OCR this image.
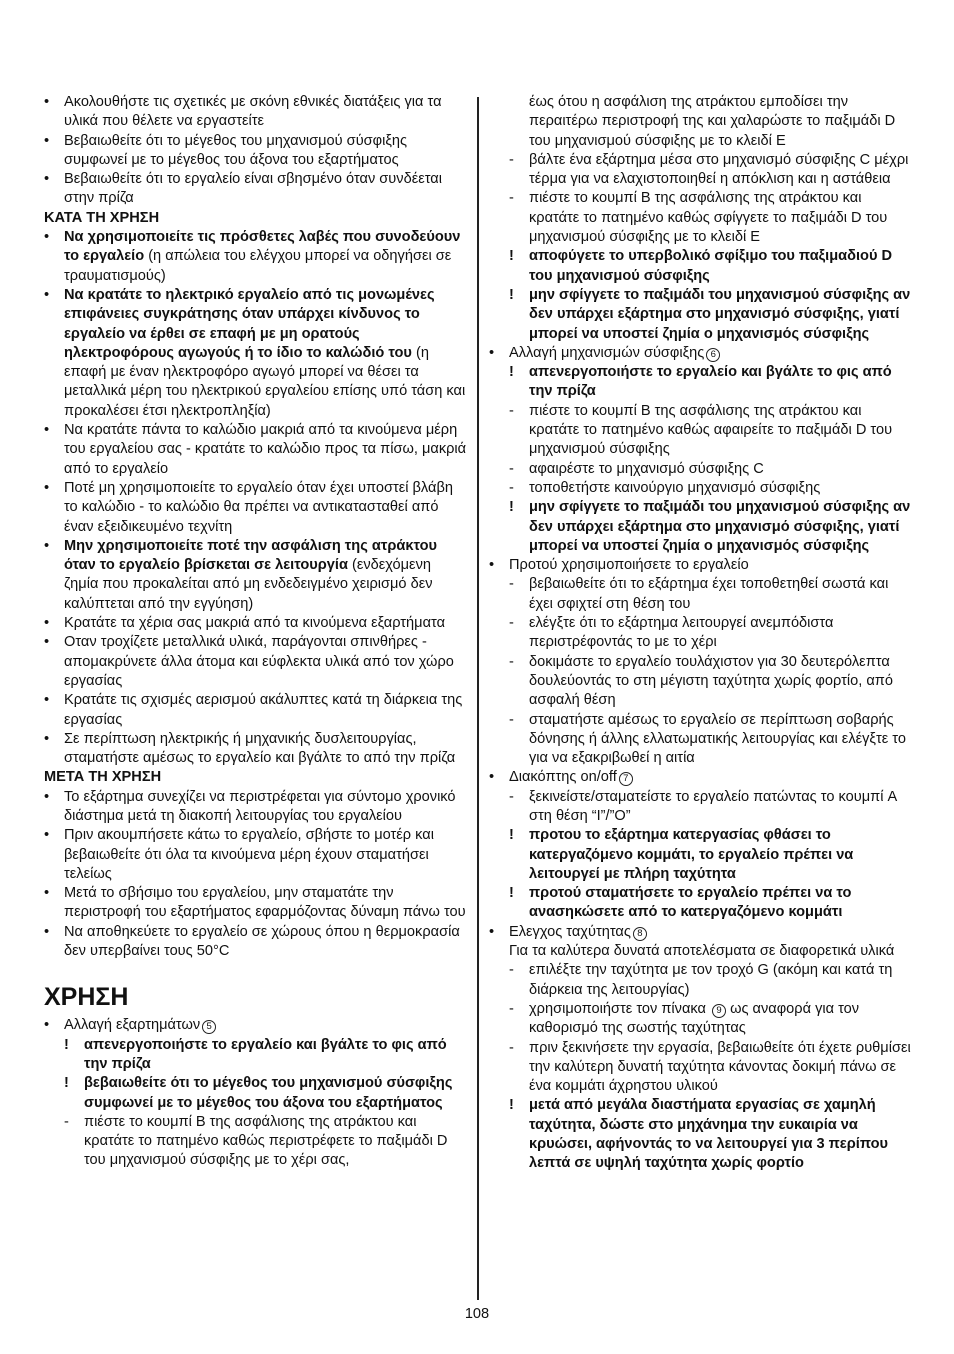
•	Ακολουθήστε τις σχετικές με σκόνη εθνικές διατάξεις για τα υλικά που θέλετε να εργαστείτε
•	Βεβαιωθείτε ότι το μέγεθος του μηχανισμού σύσφιξης συμφωνεί με το μέγεθος του άξονα του εξαρτήματος
•	Βεβαιωθείτε ότι το εργαλείο είναι σβησμένο όταν συνδέεται στην πρίζα
ΚΑΤΑ ΤΗ ΧΡΗΣΗ
•	Να χρησιμοποιείτε τις πρόσθετες λαβές που συνοδεύουν το εργαλείο (η απώλεια του ελέγχου μπορεί να οδηγήσει σε τραυματισμούς)
•	Να κρατάτε το ηλεκτρικό εργαλείο από τις μονωμένες επιφάνειες συγκράτησης όταν υπάρχει κίνδυνος το εργαλείο να έρθει σε επαφή με μη ορατούς ηλεκτροφόρους αγωγούς ή το ίδιο το καλώδιό του (η επαφή με έναν ηλεκτροφόρο αγωγό μπορεί να θέσει τα μεταλλικά μέρη του ηλεκτρικού εργαλείου επίσης υπό τάση και προκαλέσει έτσι ηλεκτροπληξία)
•	Να κρατάτε πάντα το καλώδιο μακριά από τα κινούμενα μέρη του εργαλείου σας - κρατάτε το καλώδιο προς τα πίσω, μακριά από το εργαλείο
•	Ποτέ μη χρησιμοποιείτε το εργαλείο όταν έχει υποστεί βλάβη το καλώδιο - το καλώδιο θα πρέπει να αντικατασταθεί από έναν εξειδικευμένο τεχνίτη
•	Μην χρησιμοποιείτε ποτέ την ασφάλιση της ατράκτου όταν το εργαλείο βρίσκεται σε λειτουργία (ενδεχόμενη ζημία που προκαλείται από μη ενδεδειγμένο χειρισμό δεν καλύπτεται από την εγγύηση)
•	Κρατάτε τα χέρια σας μακριά από τα κινούμενα εξαρτήματα
•	Οταν τροχίζετε μεταλλικά υλικά, παράγονται σπινθήρες - απομακρύνετε άλλα άτομα και εύφλεκτα υλικά από τον χώρο εργασίας
•	Κρατάτε τις σχισμές αερισμού ακάλυπτες κατά τη διάρκεια της εργασίας
•	Σε περίπτωση ηλεκτρικής ή μηχανικής δυσλειτουργίας, σταματήστε αμέσως το εργαλείο και βγάλτε το από την πρίζα
ΜΕΤΑ ΤΗ ΧΡΗΣΗ
•	Το εξάρτημα συνεχίζει να περιστρέφεται για σύντομο χρονικό διάστημα μετά τη διακοπή λειτουργίας του εργαλείου
•	Πριν ακουμπήσετε κάτω το εργαλείο, σβήστε το μοτέρ και βεβαιωθείτε ότι όλα τα κινούμενα μέρη έχουν σταματήσει τελείως
•	Μετά το σβήσιμο του εργαλείου, μην σταματάτε την περιστροφή του εξαρτήματος εφαρμόζοντας δύναμη πάνω του
•	Να αποθηκεύετε το εργαλείο σε χώρους όπου η θερμοκρασία δεν υπερβαίνει τους 50°C
ΧΡΗΣΗ
•	Αλλαγή εξαρτημάτων 5
!	απενεργοποιήστε το εργαλείο και βγάλτε το φις από την πρίζα
!	βεβαιωθείτε ότι το μέγεθος του μηχανισμού σύσφιξης συμφωνεί με το μέγεθος του άξονα του εξαρτήματος
-	πιέστε το κουμπί B της ασφάλισης της ατράκτου και κρατάτε το πατημένο καθώς περιστρέφετε το παξιμάδι D του μηχανισμού σύσφιξης με το χέρι σας,
έως ότου η ασφάλιση της ατράκτου εμποδίσει την περαιτέρω περιστροφή της και χαλαρώστε το παξιμάδι D του μηχανισμού σύσφιξης με το κλειδί E
-	βάλτε ένα εξάρτημα μέσα στο μηχανισμό σύσφιξης C μέχρι τέρμα για να ελαχιστοποιηθεί η απόκλιση και η αστάθεια
-	πιέστε το κουμπί B της ασφάλισης της ατράκτου και κρατάτε το πατημένο καθώς σφίγγετε το παξιμάδι D του μηχανισμού σύσφιξης με το κλειδί E
!	αποφύγετε το υπερβολικό σφίξιμο του παξιμαδιού D του μηχανισμού σύσφιξης
!	μην σφίγγετε το παξιμάδι του μηχανισμού σύσφιξης αν δεν υπάρχει εξάρτημα στο μηχανισμό σύσφιξης, γιατί μπορεί να υποστεί ζημία ο μηχανισμός σύσφιξης
•	Αλλαγή μηχανισμών σύσφιξης 6
!	απενεργοποιήστε το εργαλείο και βγάλτε το φις από την πρίζα
-	πιέστε το κουμπί B της ασφάλισης της ατράκτου και κρατάτε το πατημένο καθώς αφαιρείτε το παξιμάδι D του μηχανισμού σύσφιξης
-	αφαιρέστε το μηχανισμό σύσφιξης C
-	τοποθετήστε καινούργιο μηχανισμό σύσφιξης
!	μην σφίγγετε το παξιμάδι του μηχανισμού σύσφιξης αν δεν υπάρχει εξάρτημα στο μηχανισμό σύσφιξης, γιατί μπορεί να υποστεί ζημία ο μηχανισμός σύσφιξης
•	Προτού χρησιμοποιήσετε το εργαλείο
-	βεβαιωθείτε ότι το εξάρτημα έχει τοποθετηθεί σωστά και έχει σφιχτεί στη θέση του
-	ελέγξτε ότι το εξάρτημα λειτουργεί ανεμπόδιστα περιστρέφοντάς το με το χέρι
-	δοκιμάστε το εργαλείο τουλάχιστον για 30 δευτερόλεπτα δουλεύοντάς το στη μέγιστη ταχύτητα χωρίς φορτίο, από ασφαλή θέση
-	σταματήστε αμέσως το εργαλείο σε περίπτωση σοβαρής δόνησης ή άλλης ελλατωματικής λειτουργίας και ελέγξτε το για να εξακριβωθεί η αιτία
•	Διακόπτης on/off 7
-	ξεκινείστε/σταματείστε το εργαλείο πατώντας το κουμπί A στη θέση “I”/”O”
!	προτου το εξάρτημα κατεργασίας φθάσει το κατεργαζόμενο κομμάτι, το εργαλείο πρέπει να λειτουργεί με πλήρη ταχύτητα
!	προτού σταματήσετε το εργαλείο πρέπει να το ανασηκώσετε από το κατεργαζόμενο κομμάτι
•	Ελεγχος ταχύτητας 8
Για τα καλύτερα δυνατά αποτελέσματα σε διαφορετικά υλικά
-	επιλέξτε την ταχύτητα με τον τροχό G (ακόμη και κατά τη διάρκεια της λειτουργίας)
-	χρησιμοποιήστε τον πίνακα 9 ως αναφορά για τον καθορισμό της σωστής ταχύτητας
-	πριν ξεκινήσετε την εργασία, βεβαιωθείτε ότι έχετε ρυθμίσει την καλύτερη δυνατή ταχύτητα κάνοντας δοκιμή πάνω σε ένα κομμάτι άχρηστου υλικού
!	μετά από μεγάλα διαστήματα εργασίας σε χαμηλή ταχύτητα, δώστε στο μηχάνημα την ευκαιρία να κρυώσει, αφήνοντάς το να λειτουργεί για 3 περίπου λεπτά σε υψηλή ταχύτητα χωρίς φορτίο
108
